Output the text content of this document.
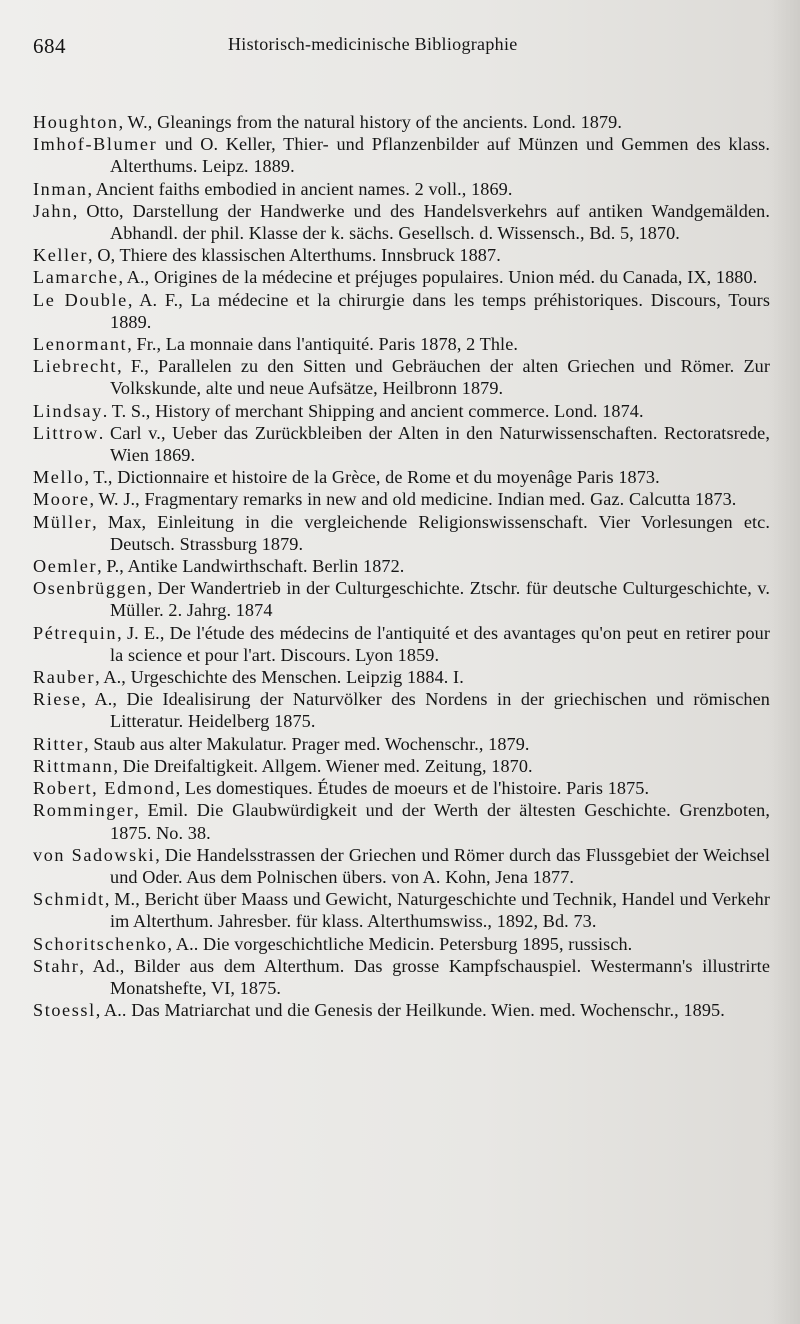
684	Historisch-medicinische Bibliographie

Houghton, W., Gleanings from the natural history of the ancients. Lond. 1879.

Imhof-Blumer und O. Keller, Thier- und Pflanzenbilder auf Münzen und Gemmen des klass. Alterthums. Leipz. 1889.

Inman, Ancient faiths embodied in ancient names. 2 voll., 1869.

Jahn, Otto, Darstellung der Handwerke und des Handelsverkehrs auf antiken Wandgemälden. Abhandl. der phil. Klasse der k. sächs. Gesellsch. d. Wissensch., Bd. 5, 1870.

Keller, O, Thiere des klassischen Alterthums. Innsbruck 1887.

Lamarche, A., Origines de la médecine et préjuges populaires. Union méd. du Canada, IX, 1880.

Le Double, A. F., La médecine et la chirurgie dans les temps préhistoriques. Discours, Tours 1889.

Lenormant, Fr., La monnaie dans l'antiquité. Paris 1878, 2 Thle.

Liebrecht, F., Parallelen zu den Sitten und Gebräuchen der alten Griechen und Römer. Zur Volkskunde, alte und neue Aufsätze, Heilbronn 1879.

Lindsay. T. S., History of merchant Shipping and ancient commerce. Lond. 1874.

Littrow. Carl v., Ueber das Zurückbleiben der Alten in den Naturwissenschaften. Rectoratsrede, Wien 1869.

Mello, T., Dictionnaire et histoire de la Grèce, de Rome et du moyenâge Paris 1873.

Moore, W. J., Fragmentary remarks in new and old medicine. Indian med. Gaz. Calcutta 1873.

Müller, Max, Einleitung in die vergleichende Religionswissenschaft. Vier Vorlesungen etc. Deutsch. Strassburg 1879.

Oemler, P., Antike Landwirthschaft. Berlin 1872.

Osenbrüggen, Der Wandertrieb in der Culturgeschichte. Ztschr. für deutsche Culturgeschichte, v. Müller. 2. Jahrg. 1874

Pétrequin, J. E., De l'étude des médecins de l'antiquité et des avantages qu'on peut en retirer pour la science et pour l'art. Discours. Lyon 1859.

Rauber, A., Urgeschichte des Menschen. Leipzig 1884. I.

Riese, A., Die Idealisirung der Naturvölker des Nordens in der griechischen und römischen Litteratur. Heidelberg 1875.

Ritter, Staub aus alter Makulatur. Prager med. Wochenschr., 1879.

Rittmann, Die Dreifaltigkeit. Allgem. Wiener med. Zeitung, 1870.

Robert, Edmond, Les domestiques. Études de moeurs et de l'histoire. Paris 1875.

Romminger, Emil. Die Glaubwürdigkeit und der Werth der ältesten Geschichte. Grenzboten, 1875. No. 38.

von Sadowski, Die Handelsstrassen der Griechen und Römer durch das Flussgebiet der Weichsel und Oder. Aus dem Polnischen übers. von A. Kohn, Jena 1877.

Schmidt, M., Bericht über Maass und Gewicht, Naturgeschichte und Technik, Handel und Verkehr im Alterthum. Jahresber. für klass. Alterthumswiss., 1892, Bd. 73.

Schoritschenko, A.. Die vorgeschichtliche Medicin. Petersburg 1895, russisch.

Stahr, Ad., Bilder aus dem Alterthum. Das grosse Kampfschauspiel. Westermann's illustrirte Monatshefte, VI, 1875.

Stoessl, A.. Das Matriarchat und die Genesis der Heilkunde. Wien. med. Wochenschr., 1895.
